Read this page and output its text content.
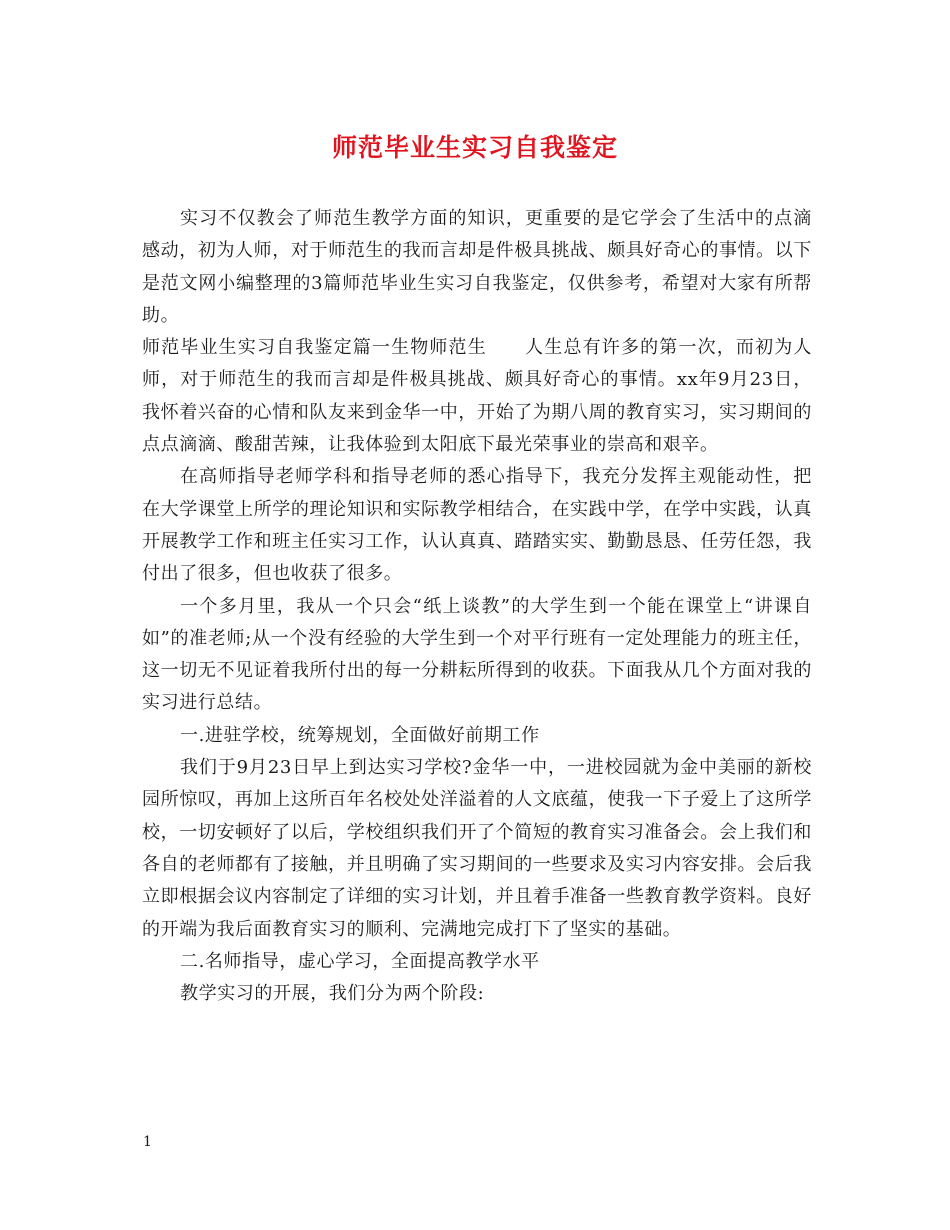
师范毕业生实习自我鉴定

实习不仅教会了师范生教学方面的知识，更重要的是它学会了生活中的点滴感动，初为人师，对于师范生的我而言却是件极具挑战、颇具好奇心的事情。以下是范文网小编整理的3篇师范毕业生实习自我鉴定，仅供参考，希望对大家有所帮助。

师范毕业生实习自我鉴定篇一生物师范生　　人生总有许多的第一次，而初为人师，对于师范生的我而言却是件极具挑战、颇具好奇心的事情。xx年9月23日，我怀着兴奋的心情和队友来到金华一中，开始了为期八周的教育实习，实习期间的点点滴滴、酸甜苦辣，让我体验到太阳底下最光荣事业的崇高和艰辛。

在高师指导老师学科和指导老师的悉心指导下，我充分发挥主观能动性，把在大学课堂上所学的理论知识和实际教学相结合，在实践中学，在学中实践，认真开展教学工作和班主任实习工作，认认真真、踏踏实实、勤勤恳恳、任劳任怨，我付出了很多，但也收获了很多。

一个多月里，我从一个只会“纸上谈教”的大学生到一个能在课堂上“讲课自如”的准老师;从一个没有经验的大学生到一个对平行班有一定处理能力的班主任，这一切无不见证着我所付出的每一分耕耘所得到的收获。下面我从几个方面对我的实习进行总结。

一.进驻学校，统筹规划，全面做好前期工作

我们于9月23日早上到达实习学校?金华一中，一进校园就为金中美丽的新校园所惊叹，再加上这所百年名校处处洋溢着的人文底蕴，使我一下子爱上了这所学校，一切安顿好了以后，学校组织我们开了个简短的教育实习准备会。会上我们和各自的老师都有了接触，并且明确了实习期间的一些要求及实习内容安排。会后我立即根据会议内容制定了详细的实习计划，并且着手准备一些教育教学资料。良好的开端为我后面教育实习的顺利、完满地完成打下了坚实的基础。

二.名师指导，虚心学习，全面提高教学水平

教学实习的开展，我们分为两个阶段:

1
